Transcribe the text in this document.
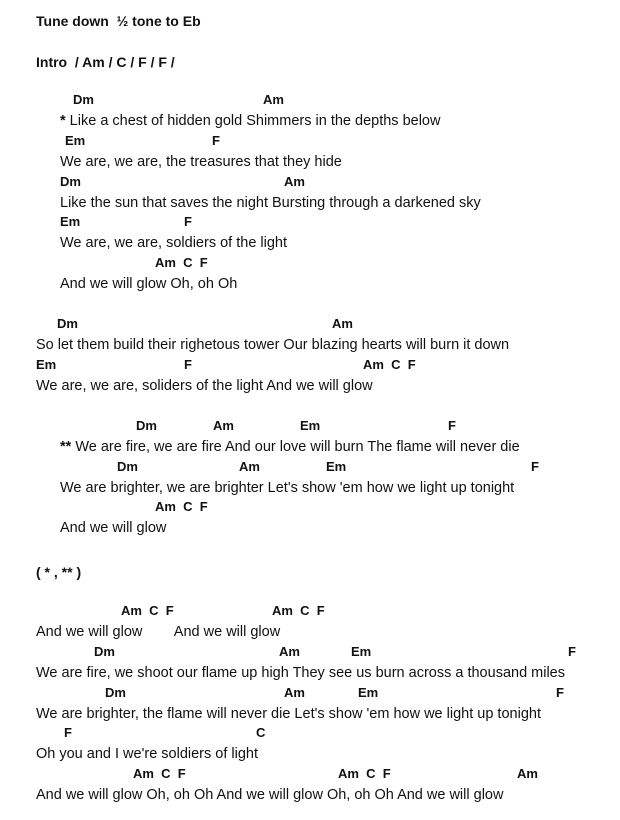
Tune down  ½ tone to Eb
Intro  / Am / C / F / F /
Dm	Am
* Like a chest of hidden gold Shimmers in the depths below
Em	F
We are, we are, the treasures that they hide
Dm	Am
Like the sun that saves the night Bursting through a darkened sky
Em	F
We are, we are, soldiers of the light
Am  C  F
And we will glow Oh, oh Oh
Dm	Am
So let them build their righetous tower Our blazing hearts will burn it down
Em	F	Am  C  F
We are, we are, soliders of the light And we will glow
Dm	Am	Em	F
** We are fire, we are fire And our love will burn The flame will never die
Dm	Am	Em	F
We are brighter, we are brighter Let's show 'em how we light up tonight
Am  C  F
And we will glow
( * , ** )
Am  C  F	Am  C  F
And we will glow        And we will glow
Dm	Am	Em	F
We are fire, we shoot our flame up high They see us burn across a thousand miles
Dm	Am	Em	F
We are brighter, the flame will never die Let's show 'em how we light up tonight
F	C
Oh you and I we're soldiers of light
Am  C  F	Am  C  F	Am
And we will glow Oh, oh Oh And we will glow Oh, oh Oh And we will glow
